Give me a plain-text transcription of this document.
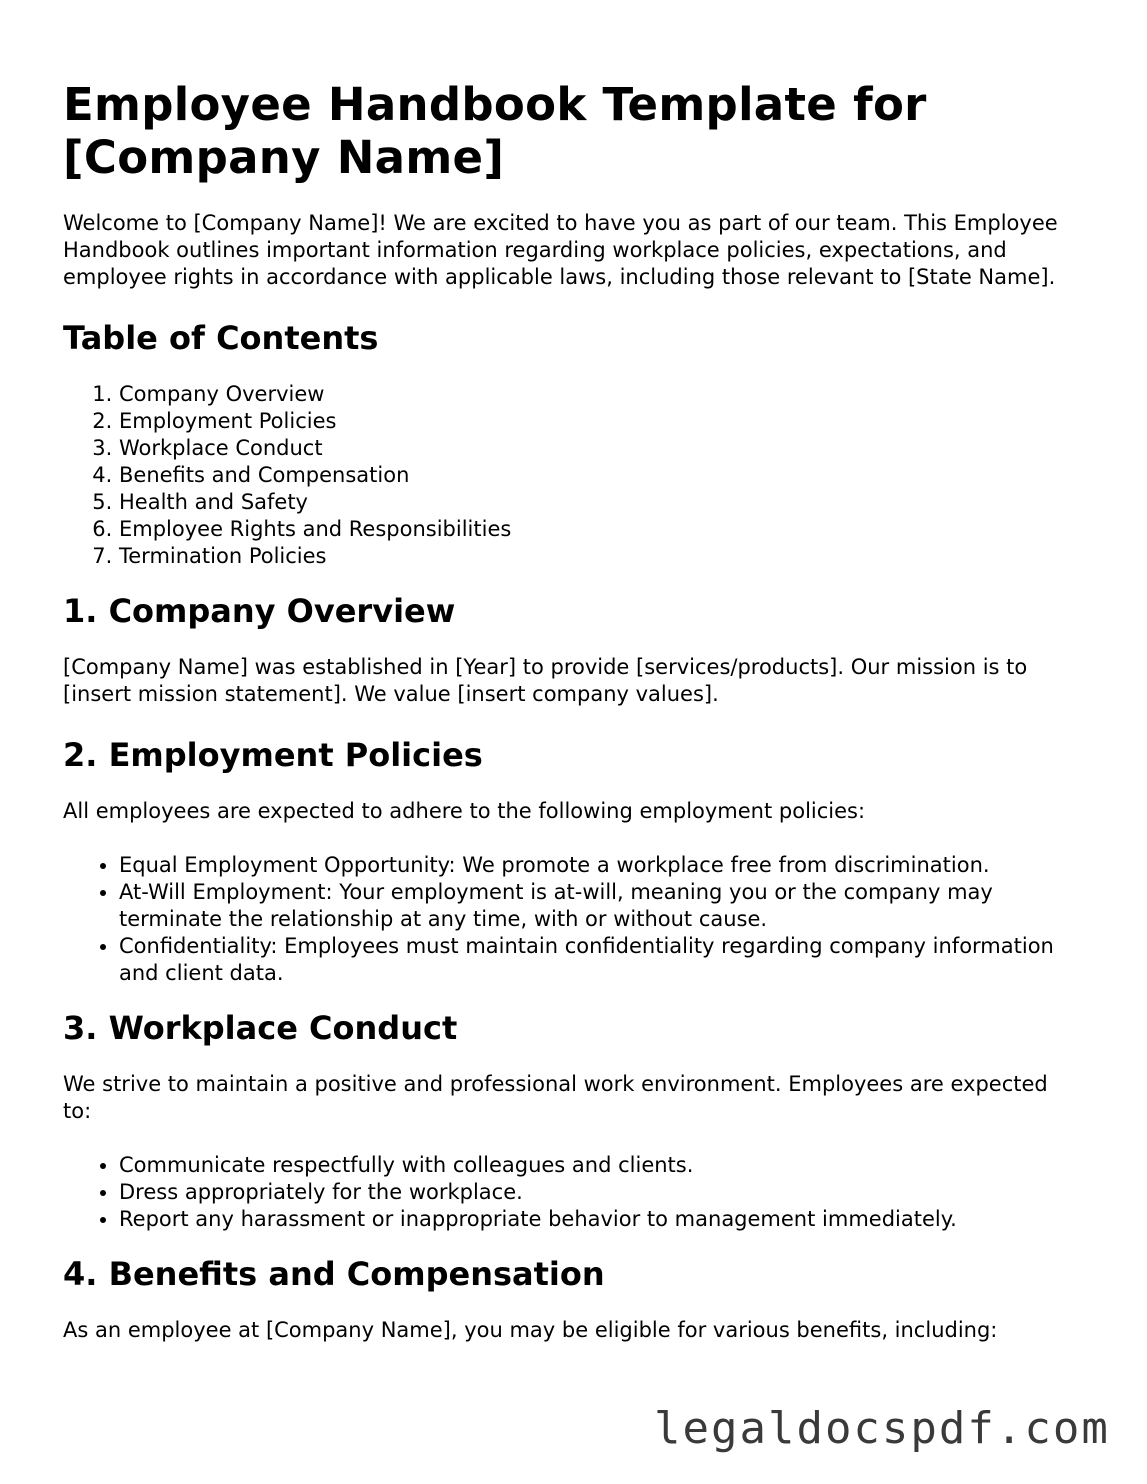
Employee Handbook Template for [Company Name]

Welcome to [Company Name]! We are excited to have you as part of our team. This Employee Handbook outlines important information regarding workplace policies, expectations, and employee rights in accordance with applicable laws, including those relevant to [State Name].

Table of Contents
1. Company Overview
2. Employment Policies
3. Workplace Conduct
4. Benefits and Compensation
5. Health and Safety
6. Employee Rights and Responsibilities
7. Termination Policies
1. Company Overview

[Company Name] was established in [Year] to provide [services/products]. Our mission is to [insert mission statement]. We value [insert company values].

2. Employment Policies

All employees are expected to adhere to the following employment policies:

• Equal Employment Opportunity: We promote a workplace free from discrimination.
• At-Will Employment: Your employment is at-will, meaning you or the company may terminate the relationship at any time, with or without cause.
• Confidentiality: Employees must maintain confidentiality regarding company information and client data.
3. Workplace Conduct

We strive to maintain a positive and professional work environment. Employees are expected to:

• Communicate respectfully with colleagues and clients.
• Dress appropriately for the workplace.
• Report any harassment or inappropriate behavior to management immediately.
4. Benefits and Compensation

As an employee at [Company Name], you may be eligible for various benefits, including:

legaldocspdf.com
